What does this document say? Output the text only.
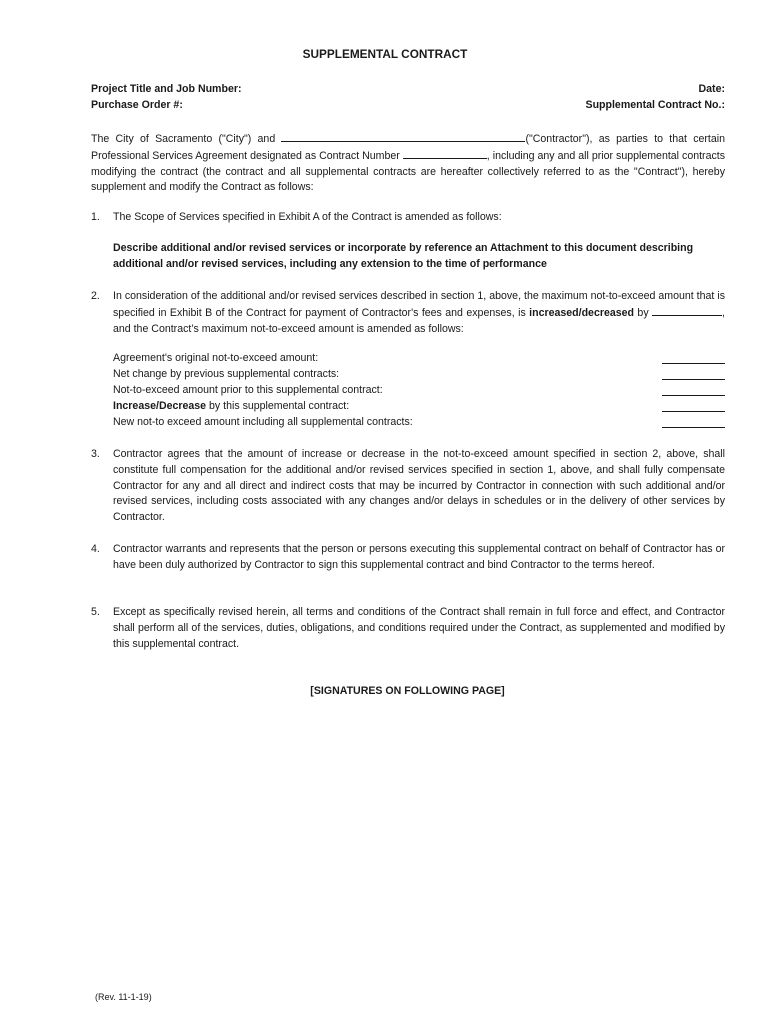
SUPPLEMENTAL CONTRACT
Project Title and Job Number:
Purchase Order #:
Date:
Supplemental Contract No.:
The City of Sacramento ("City") and	("Contractor"), as parties to that certain Professional Services Agreement designated as Contract Number	, including any and all prior supplemental contracts modifying the contract (the contract and all supplemental contracts are hereafter collectively referred to as the "Contract"), hereby supplement and modify the Contract as follows:
1. The Scope of Services specified in Exhibit A of the Contract is amended as follows:
Describe additional and/or revised services or incorporate by reference an Attachment to this document describing additional and/or revised services, including any extension to the time of performance
2. In consideration of the additional and/or revised services described in section 1, above, the maximum not-to-exceed amount that is specified in Exhibit B of the Contract for payment of Contractor's fees and expenses, is increased/decreased by	, and the Contract’s maximum not-to-exceed amount is amended as follows:
Agreement's original not-to-exceed amount:
Net change by previous supplemental contracts:
Not-to-exceed amount prior to this supplemental contract:
Increase/Decrease by this supplemental contract:
New not-to exceed amount including all supplemental contracts:
3. Contractor agrees that the amount of increase or decrease in the not-to-exceed amount specified in section 2, above, shall constitute full compensation for the additional and/or revised services specified in section 1, above, and shall fully compensate Contractor for any and all direct and indirect costs that may be incurred by Contractor in connection with such additional and/or revised services, including costs associated with any changes and/or delays in schedules or in the delivery of other services by Contractor.
4. Contractor warrants and represents that the person or persons executing this supplemental contract on behalf of Contractor has or have been duly authorized by Contractor to sign this supplemental contract and bind Contractor to the terms hereof.
5. Except as specifically revised herein, all terms and conditions of the Contract shall remain in full force and effect, and Contractor shall perform all of the services, duties, obligations, and conditions required under the Contract, as supplemented and modified by this supplemental contract.
[SIGNATURES ON FOLLOWING PAGE]
(Rev. 11-1-19)
